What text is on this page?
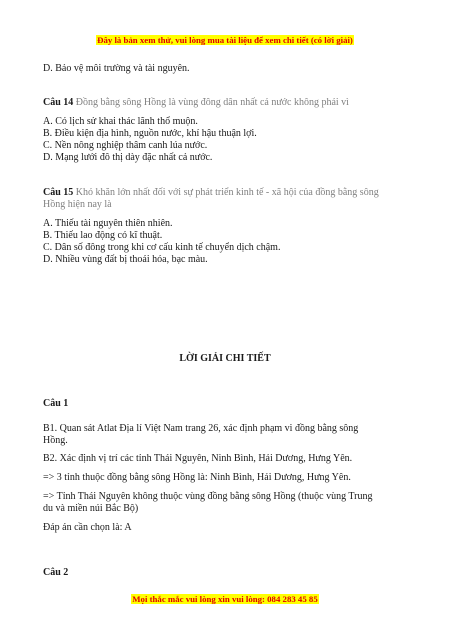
Đây là bản xem thử, vui lòng mua tài liệu để xem chi tiết (có lời giải)
D. Bảo vệ môi trường và tài nguyên.
Câu 14 Đồng bằng sông Hồng là vùng đông dân nhất cả nước không phải vì
A. Có lịch sử khai thác lãnh thổ muộn.
B. Điều kiện địa hình, nguồn nước, khí hậu thuận lợi.
C. Nền nông nghiệp thâm canh lúa nước.
D. Mạng lưới đô thị dày đặc nhất cả nước.
Câu 15 Khó khăn lớn nhất đối với sự phát triển kinh tế - xã hội của đồng bằng sông
Hồng hiện nay là
A. Thiếu tài nguyên thiên nhiên.
B. Thiếu lao động có kĩ thuật.
C. Dân số đông trong khi cơ cấu kinh tế chuyển dịch chậm.
D. Nhiều vùng đất bị thoái hóa, bạc màu.
LỜI GIẢI CHI TIẾT
Câu 1
B1. Quan sát Atlat Địa lí Việt Nam trang 26, xác định phạm vi đồng bằng sông
Hồng.
B2. Xác định vị trí các tỉnh Thái Nguyên, Ninh Bình, Hải Dương, Hưng Yên.
=> 3 tỉnh thuộc đồng bằng sông Hồng là: Ninh Bình, Hải Dương, Hưng Yên.
=> Tỉnh Thái Nguyên không thuộc vùng đồng bằng sông Hồng (thuộc vùng Trung
du và miền núi Bắc Bộ)
Đáp án cần chọn là: A
Câu 2
Mọi thắc mắc vui lòng xin vui lòng: 084 283 45 85
